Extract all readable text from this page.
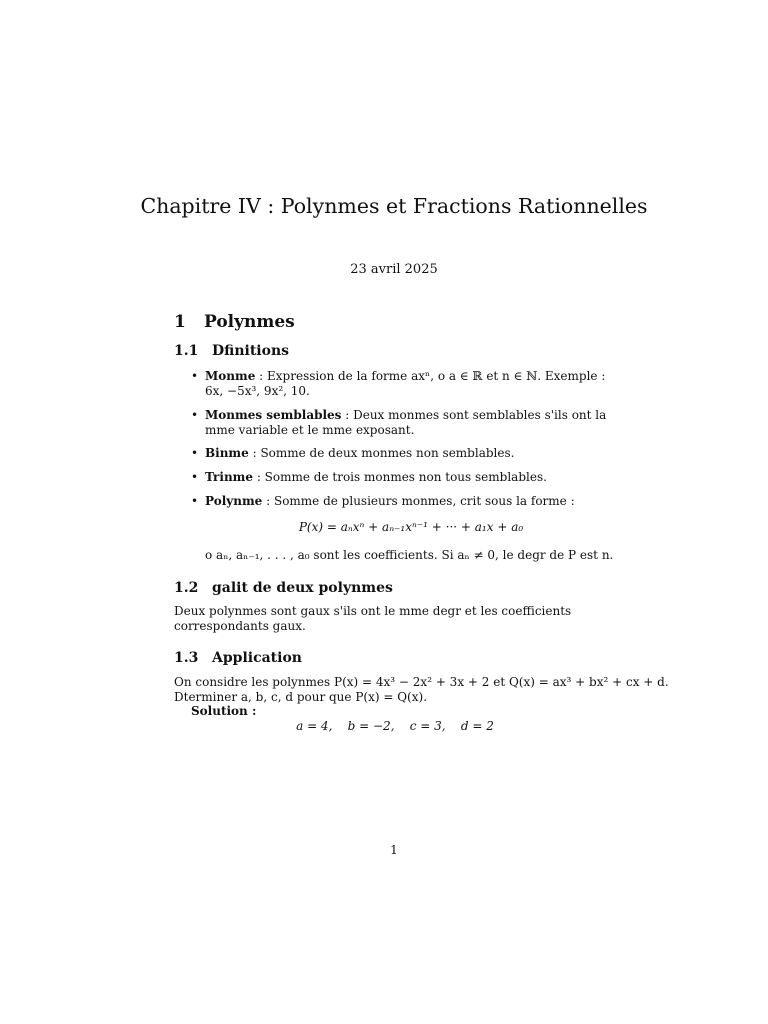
Chapitre IV : Polynmes et Fractions Rationnelles
23 avril 2025
1 Polynmes
1.1 Dfinitions
• Monme : Expression de la forme axⁿ, o a ∈ ℝ et n ∈ ℕ. Exemple : 6x, −5x³, 9x², 10.
• Monmes semblables : Deux monmes sont semblables s'ils ont la mme variable et le mme exposant.
• Binme : Somme de deux monmes non semblables.
• Trinme : Somme de trois monmes non tous semblables.
• Polynme : Somme de plusieurs monmes, crit sous la forme :
P(x) = aₙxⁿ + aₙ₋₁xⁿ⁻¹ + ··· + a₁x + a₀
o aₙ, aₙ₋₁, . . . , a₀ sont les coefficients. Si aₙ ≠ 0, le degr de P est n.
1.2 galit de deux polynmes
Deux polynmes sont gaux s'ils ont le mme degr et les coefficients correspondants gaux.
1.3 Application
On considre les polynmes P(x) = 4x³ − 2x² + 3x + 2 et Q(x) = ax³ + bx² + cx + d.
Dterminer a, b, c, d pour que P(x) = Q(x).
Solution :
a = 4,    b = −2,    c = 3,    d = 2
1
